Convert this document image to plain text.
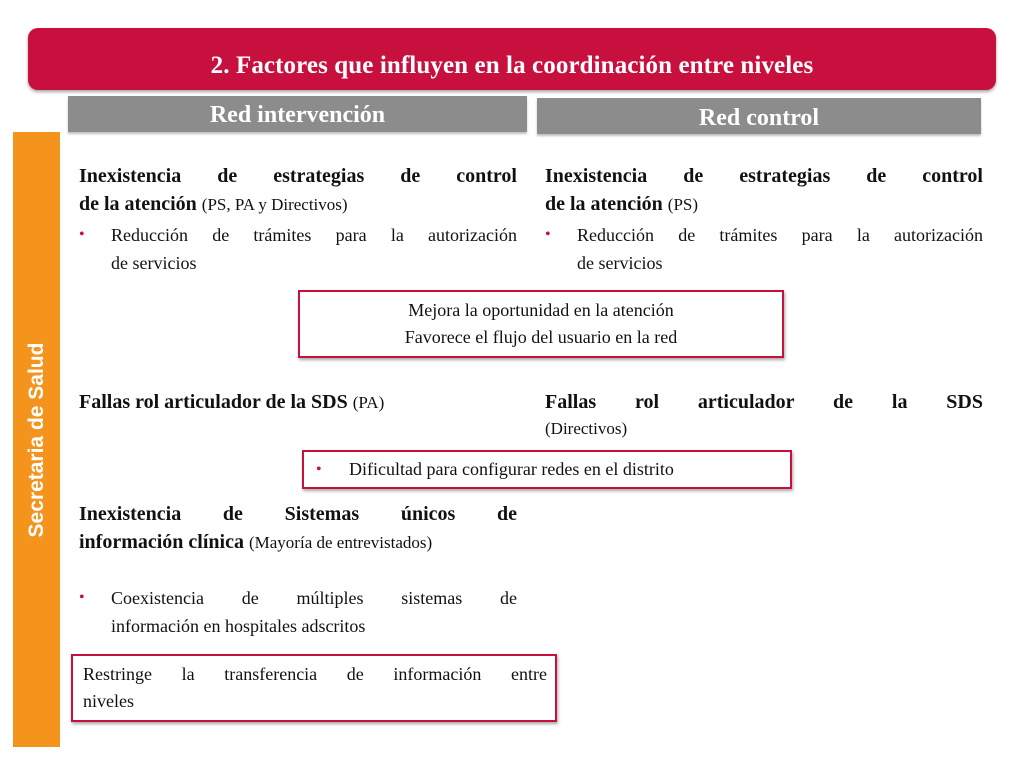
2. Factores que influyen en la coordinación entre niveles
Red intervención	Red control
Secretaria de Salud
Inexistencia de estrategias de control
de la atención (PS, PA y Directivos)
• Reducción de trámites para la autorización
de servicios
Inexistencia de estrategias de control
de la atención (PS)
• Reducción de trámites para la autorización
de servicios
Mejora la oportunidad en la atención
Favorece el flujo del usuario en la red
Fallas rol articulador de la SDS (PA)	Fallas rol articulador de la SDS
(Directivos)
• Dificultad para configurar redes en el distrito
Inexistencia de Sistemas únicos de
información clínica (Mayoría de entrevistados)
• Coexistencia de múltiples sistemas de
información en hospitales adscritos
Restringe la transferencia de información entre
niveles
